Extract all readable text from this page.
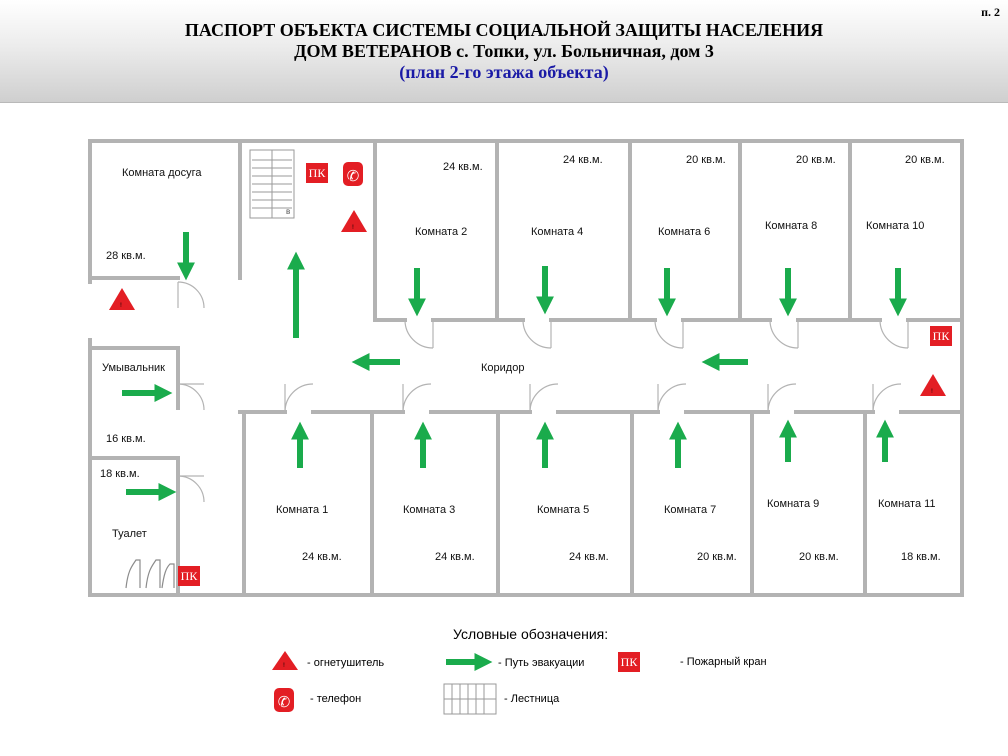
ПАСПОРТ ОБЪЕКТА СИСТЕМЫ СОЦИАЛЬНОЙ ЗАЩИТЫ НАСЕЛЕНИЯ
ДОМ ВЕТЕРАНОВ с. Топки, ул. Больничная, дом 3
(план 2-го этажа объекта)
п. 2
в
!
!
!
!
✆
✆
ПК
ПК
ПК
Комната досуга
28 кв.м.
Умывальник
16 кв.м.
18 кв.м.
Туалет
24 кв.м.
Комната 2
24 кв.м.
Комната 4
20 кв.м.
Комната 6
20 кв.м.
Комната 8
20 кв.м.
Комната 10
Коридор
Комната 1
24 кв.м.
Комната 3
24 кв.м.
Комната 5
24 кв.м.
Комната 7
20 кв.м.
Комната 9
20 кв.м.
Комната 11
18 кв.м.
Условные обозначения:
- огнетушитель	- Путь эвакуации	ПК	- Пожарный кран
- телефон	- Лестница
